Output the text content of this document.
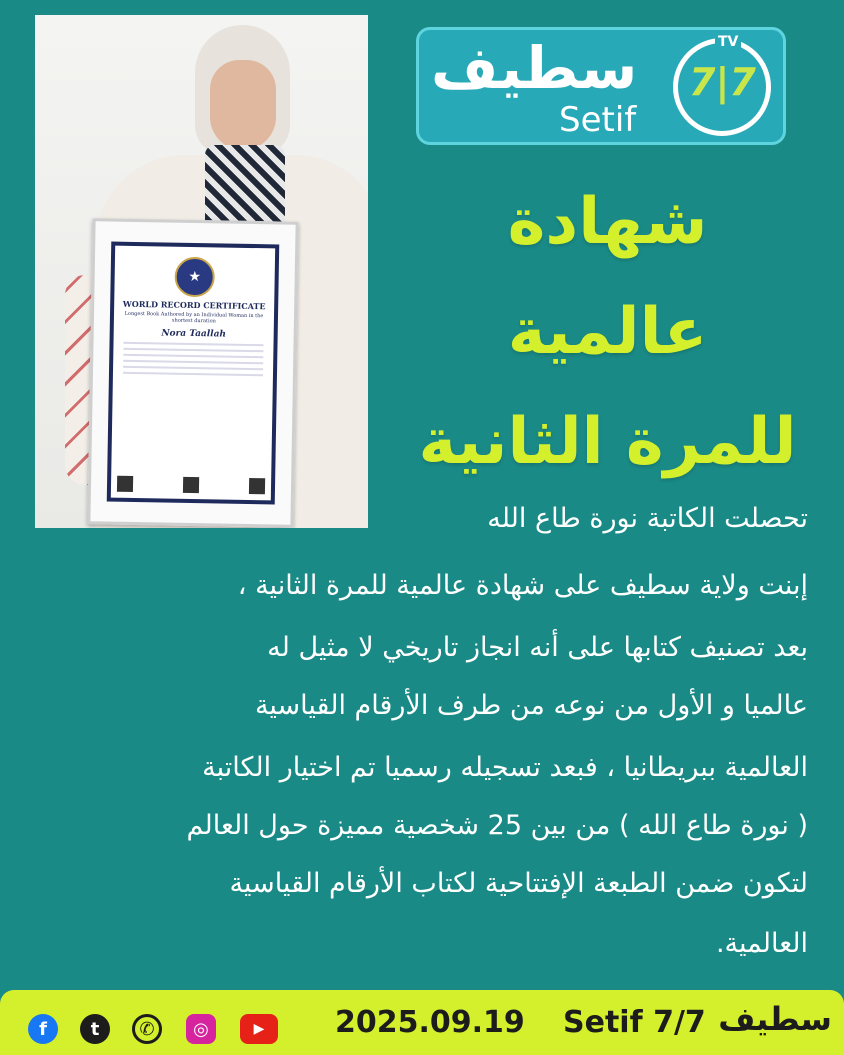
★
WORLD RECORD CERTIFICATE
Longest Book Authored by an Individual Woman in the shortest duration
Nora Taallah
سطيف
Setif
7|7
TV
شهادة
عالمية
للمرة الثانية
تحصلت الكاتبة نورة طاع الله
إبنت ولاية سطيف على شهادة عالمية للمرة الثانية ،
بعد تصنيف كتابها على أنه انجاز تاريخي لا مثيل له
عالميا و الأول من نوعه من طرف الأرقام القياسية
العالمية ببريطانيا ، فبعد تسجيله رسميا تم اختيار الكاتبة
( نورة طاع الله ) من بين 25 شخصية مميزة حول العالم
لتكون ضمن الطبعة الإفتتاحية لكتاب الأرقام القياسية
العالمية.
سطيف
Setif 7/7
2025.09.19
f	t	✆	◎	▶
